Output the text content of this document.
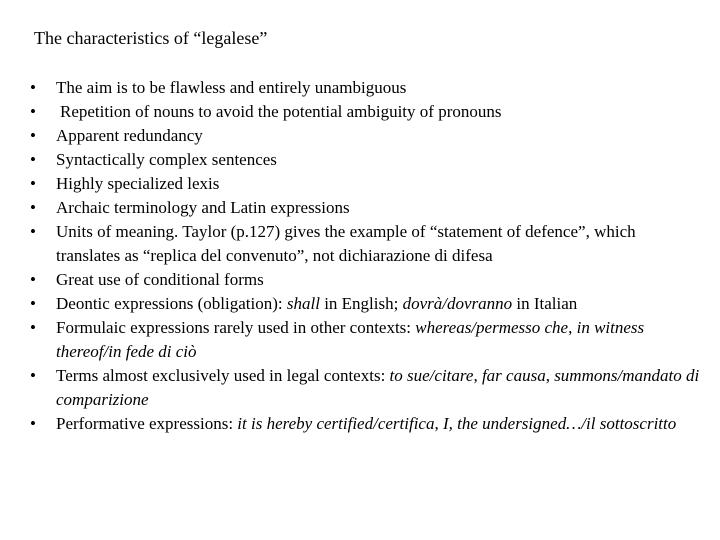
The characteristics of “legalese”
•	The aim is to be flawless and entirely unambiguous
•	Repetition of nouns to avoid the potential ambiguity of pronouns
•	Apparent redundancy
•	Syntactically complex sentences
•	Highly specialized lexis
•	Archaic terminology and Latin expressions
•	Units of meaning. Taylor (p.127) gives the example of “statement of defence”, which translates as “replica del convenuto”, not dichiarazione di difesa
•	Great use of conditional forms
•	Deontic expressions (obligation): shall in English; dovrà/dovranno in Italian
•	Formulaic expressions rarely used in other contexts: whereas/permesso che, in witness thereof/in fede di ciò
•	Terms almost exclusively used in legal contexts: to sue/citare, far causa, summons/mandato di comparizione
•	Performative expressions: it is hereby certified/certifica, I, the undersigned…/il sottoscritto
